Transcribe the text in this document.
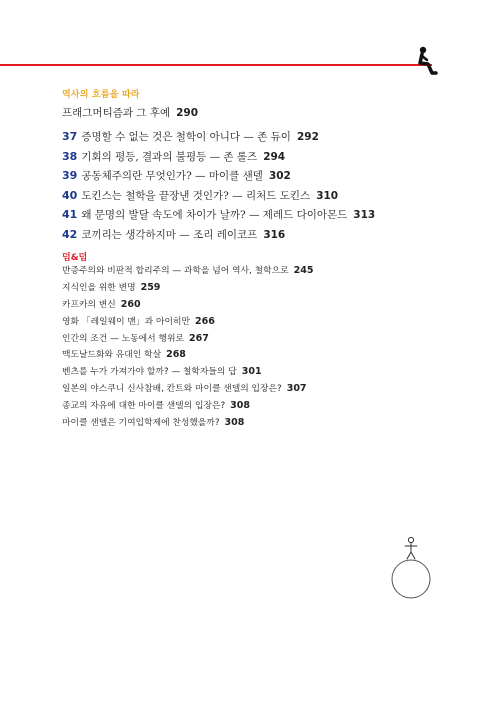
역사의 흐름을 따라
프래그머티즘과 그 후예 290
37 증명할 수 없는 것은 철학이 아니다 — 존 듀이 292
38 기회의 평등, 결과의 불평등 — 존 롤즈 294
39 공동체주의란 무엇인가? — 마이클 샌델 302
40 도킨스는 철학을 끝장낸 것인가? — 리처드 도킨스 310
41 왜 문명의 발달 속도에 차이가 날까? — 제레드 다이아몬드 313
42 코끼리는 생각하지마 — 조리 레이코프 316
덤&덤
반증주의와 비판적 합리주의 — 과학을 넘어 역사, 철학으로 245
지식인을 위한 변명 259
카프카의 변신 260
영화 「레일웨이 맨」과 아이히만 266
인간의 조건 — 노동에서 행위로 267
맥도날드화와 유대인 학살 268
벤츠를 누가 가져가야 할까? — 철학자들의 답 301
일본의 야스쿠니 신사참배, 칸트와 마이클 샌델의 입장은? 307
종교의 자유에 대한 마이클 샌델의 입장은? 308
마이클 샌델은 기여입학제에 찬성했을까? 308
